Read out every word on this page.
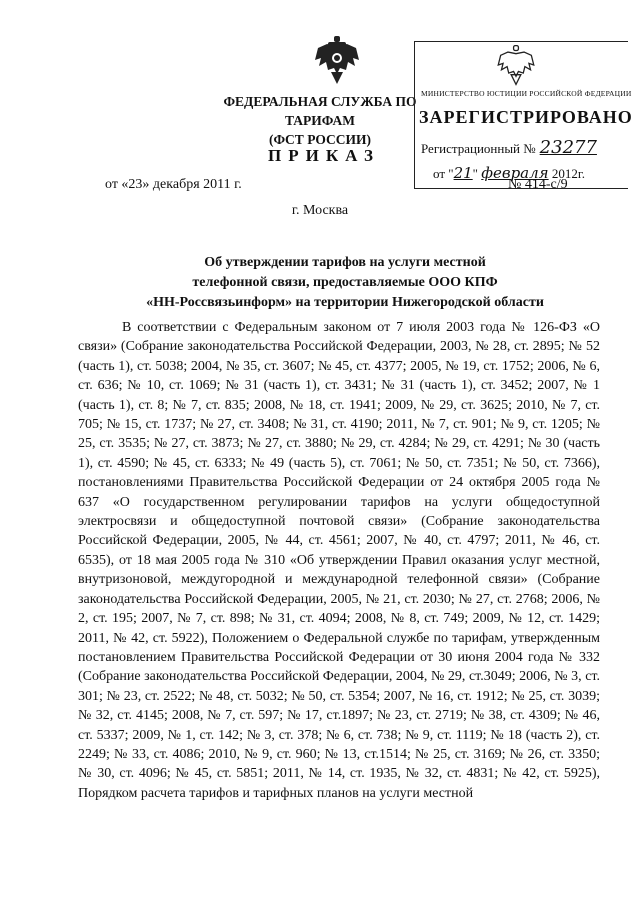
ФЕДЕРАЛЬНАЯ СЛУЖБА ПО ТАРИФАМ
(ФСТ РОССИИ)
МИНИСТЕРСТВО ЮСТИЦИИ РОССИЙСКОЙ ФЕДЕРАЦИИ
ЗАРЕГИСТРИРОВАНО
Регистрационный № 23277
от "21" февраля 2012г.
ПРИКАЗ
от «23» декабря 2011 г.	№ 414-с/9
г. Москва
Об утверждении тарифов на услуги местной
телефонной связи, предоставляемые ООО КПФ
«НН-Россвязьинформ» на территории Нижегородской области

В соответствии с Федеральным законом от 7 июля 2003 года № 126-ФЗ «О связи» (Собрание законодательства Российской Федерации, 2003, № 28, ст. 2895; № 52 (часть 1), ст. 5038; 2004, № 35, ст. 3607; № 45, ст. 4377; 2005, № 19, ст. 1752; 2006, № 6, ст. 636; № 10, ст. 1069; № 31 (часть 1), ст. 3431; № 31 (часть 1), ст. 3452; 2007, № 1 (часть 1), ст. 8; № 7, ст. 835; 2008, № 18, ст. 1941; 2009, № 29, ст. 3625; 2010, № 7, ст. 705; № 15, ст. 1737; № 27, ст. 3408; № 31, ст. 4190; 2011, № 7, ст. 901; № 9, ст. 1205; № 25, ст. 3535; № 27, ст. 3873; № 27, ст. 3880; № 29, ст. 4284; № 29, ст. 4291; № 30 (часть 1), ст. 4590; № 45, ст. 6333; № 49 (часть 5), ст. 7061; № 50, ст. 7351; № 50, ст. 7366), постановлениями Правительства Российской Федерации от 24 октября 2005 года № 637 «О государственном регулировании тарифов на услуги общедоступной электросвязи и общедоступной почтовой связи» (Собрание законодательства Российской Федерации, 2005, № 44, ст. 4561; 2007, № 40, ст. 4797; 2011, № 46, ст. 6535), от 18 мая 2005 года № 310 «Об утверждении Правил оказания услуг местной, внутризоновой, междугородной и международной телефонной связи» (Собрание законодательства Российской Федерации, 2005, № 21, ст. 2030; № 27, ст. 2768; 2006, № 2, ст. 195; 2007, № 7, ст. 898; № 31, ст. 4094; 2008, № 8, ст. 749; 2009, № 12, ст. 1429; 2011, № 42, ст. 5922), Положением о Федеральной службе по тарифам, утвержденным постановлением Правительства Российской Федерации от 30 июня 2004 года № 332 (Собрание законодательства Российской Федерации, 2004, № 29, ст.3049; 2006, № 3, ст. 301; № 23, ст. 2522; № 48, ст. 5032; № 50, ст. 5354; 2007, № 16, ст. 1912; № 25, ст. 3039; № 32, ст. 4145; 2008, № 7, ст. 597; № 17, ст.1897; № 23, ст. 2719; № 38, ст. 4309; № 46, ст. 5337; 2009, № 1, ст. 142; № 3, ст. 378; № 6, ст. 738; № 9, ст. 1119; № 18 (часть 2), ст. 2249; № 33, ст. 4086; 2010, № 9, ст. 960; № 13, ст.1514; № 25, ст. 3169; № 26, ст. 3350; № 30, ст. 4096; № 45, ст. 5851; 2011, № 14, ст. 1935, № 32, ст. 4831; № 42, ст. 5925), Порядком расчета тарифов и тарифных планов на услуги местной
